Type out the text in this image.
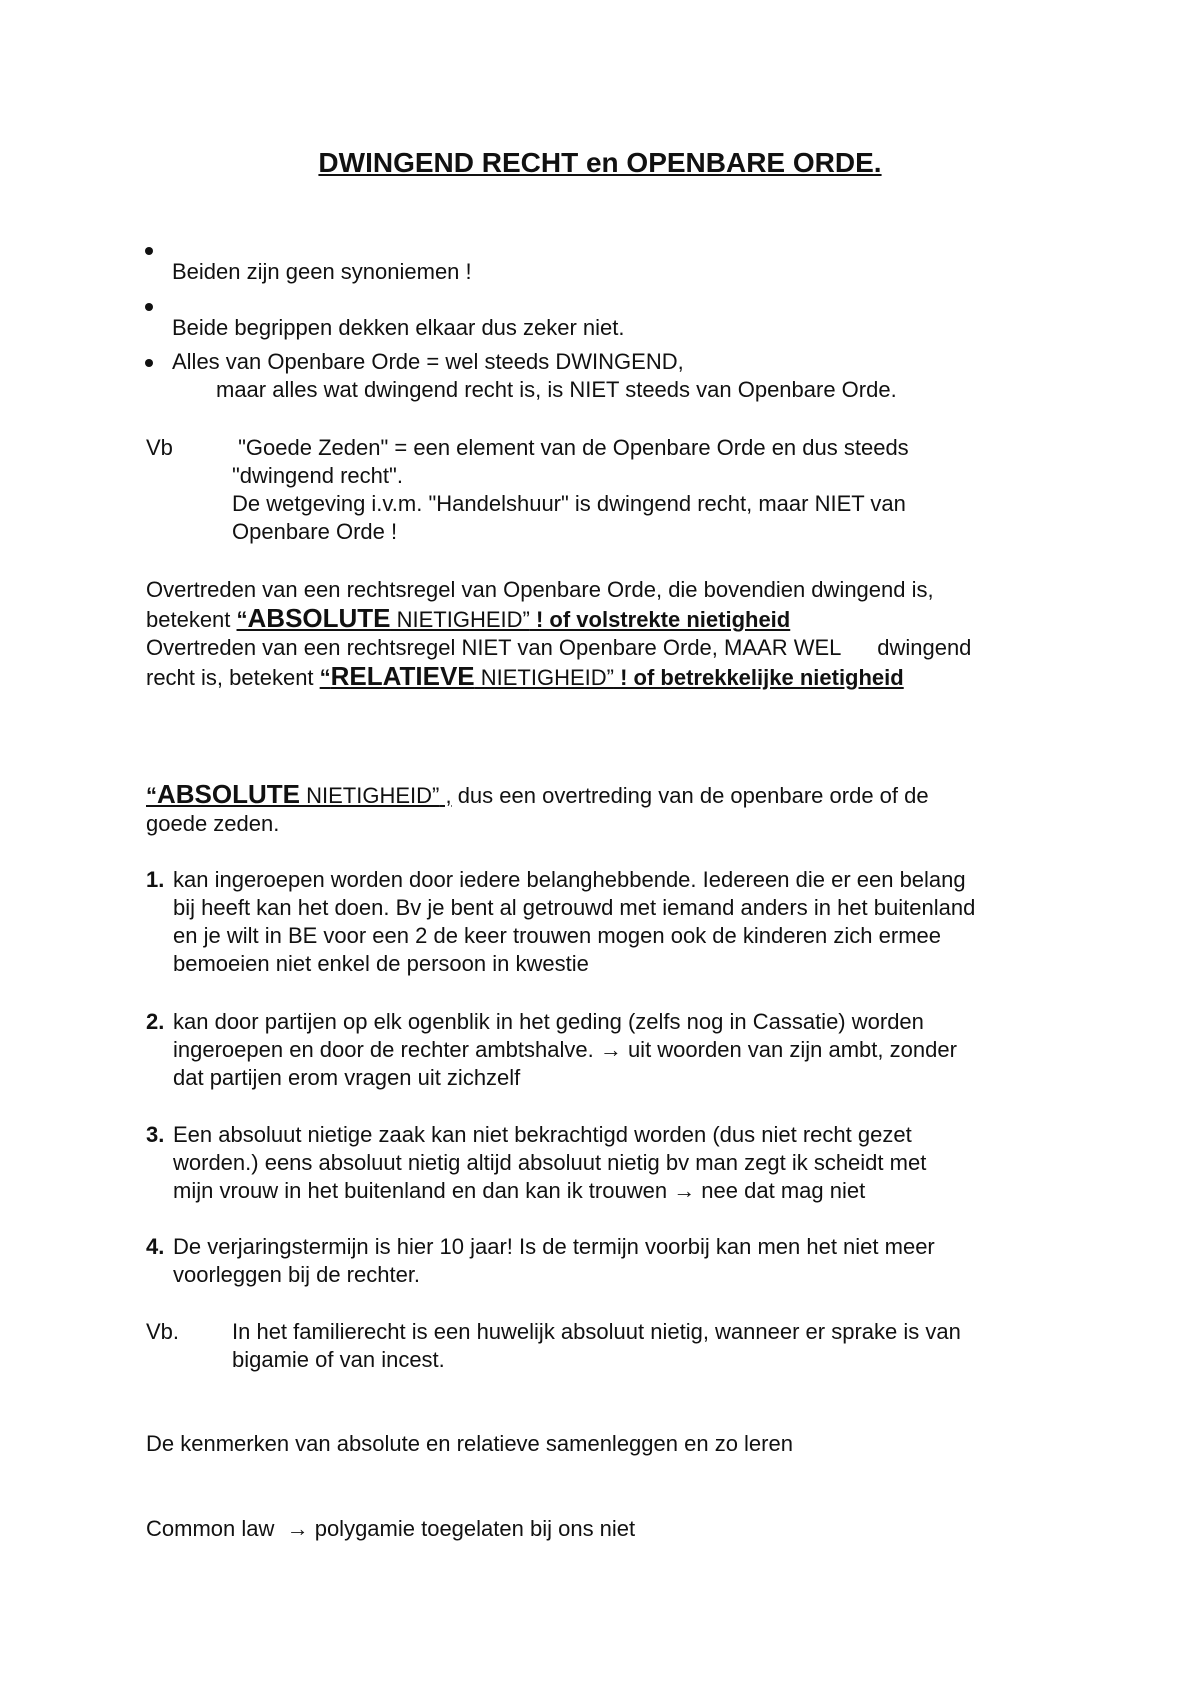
DWINGEND RECHT en OPENBARE ORDE.

Beiden zijn geen synoniemen !

Beide begrippen dekken elkaar dus zeker niet.

Alles van Openbare Orde = wel steeds DWINGEND,

maar alles wat dwingend recht is, is NIET steeds van Openbare Orde.

Vb	"Goede Zeden" = een element van de Openbare Orde en dus steeds

"dwingend recht".

De wetgeving i.v.m. "Handelshuur" is dwingend recht, maar NIET van

Openbare Orde !

Overtreden van een rechtsregel van Openbare Orde, die bovendien dwingend is,

betekent “ABSOLUTE NIETIGHEID” ! of volstrekte nietigheid

Overtreden van een rechtsregel NIET van Openbare Orde, MAAR WEL      dwingend

recht is, betekent “RELATIEVE NIETIGHEID” ! of betrekkelijke nietigheid

“ABSOLUTE NIETIGHEID” , dus een overtreding van de openbare orde of de

goede zeden.

1. kan ingeroepen worden door iedere belanghebbende. Iedereen die er een belang

bij heeft kan het doen. Bv je bent al getrouwd met iemand anders in het buitenland

en je wilt in BE voor een 2 de keer trouwen mogen ook de kinderen zich ermee

bemoeien niet enkel de persoon in kwestie

2. kan door partijen op elk ogenblik in het geding (zelfs nog in Cassatie) worden

ingeroepen en door de rechter ambtshalve. → uit woorden van zijn ambt, zonder

dat partijen erom vragen uit zichzelf

3. Een absoluut nietige zaak kan niet bekrachtigd worden (dus niet recht gezet

worden.) eens absoluut nietig altijd absoluut nietig bv man zegt ik scheidt met

mijn vrouw in het buitenland en dan kan ik trouwen → nee dat mag niet

4. De verjaringstermijn is hier 10 jaar! Is de termijn voorbij kan men het niet meer

voorleggen bij de rechter.

Vb. In het familierecht is een huwelijk absoluut nietig, wanneer er sprake is van

bigamie of van incest.

De kenmerken van absolute en relatieve samenleggen en zo leren

Common law  → polygamie toegelaten bij ons niet
